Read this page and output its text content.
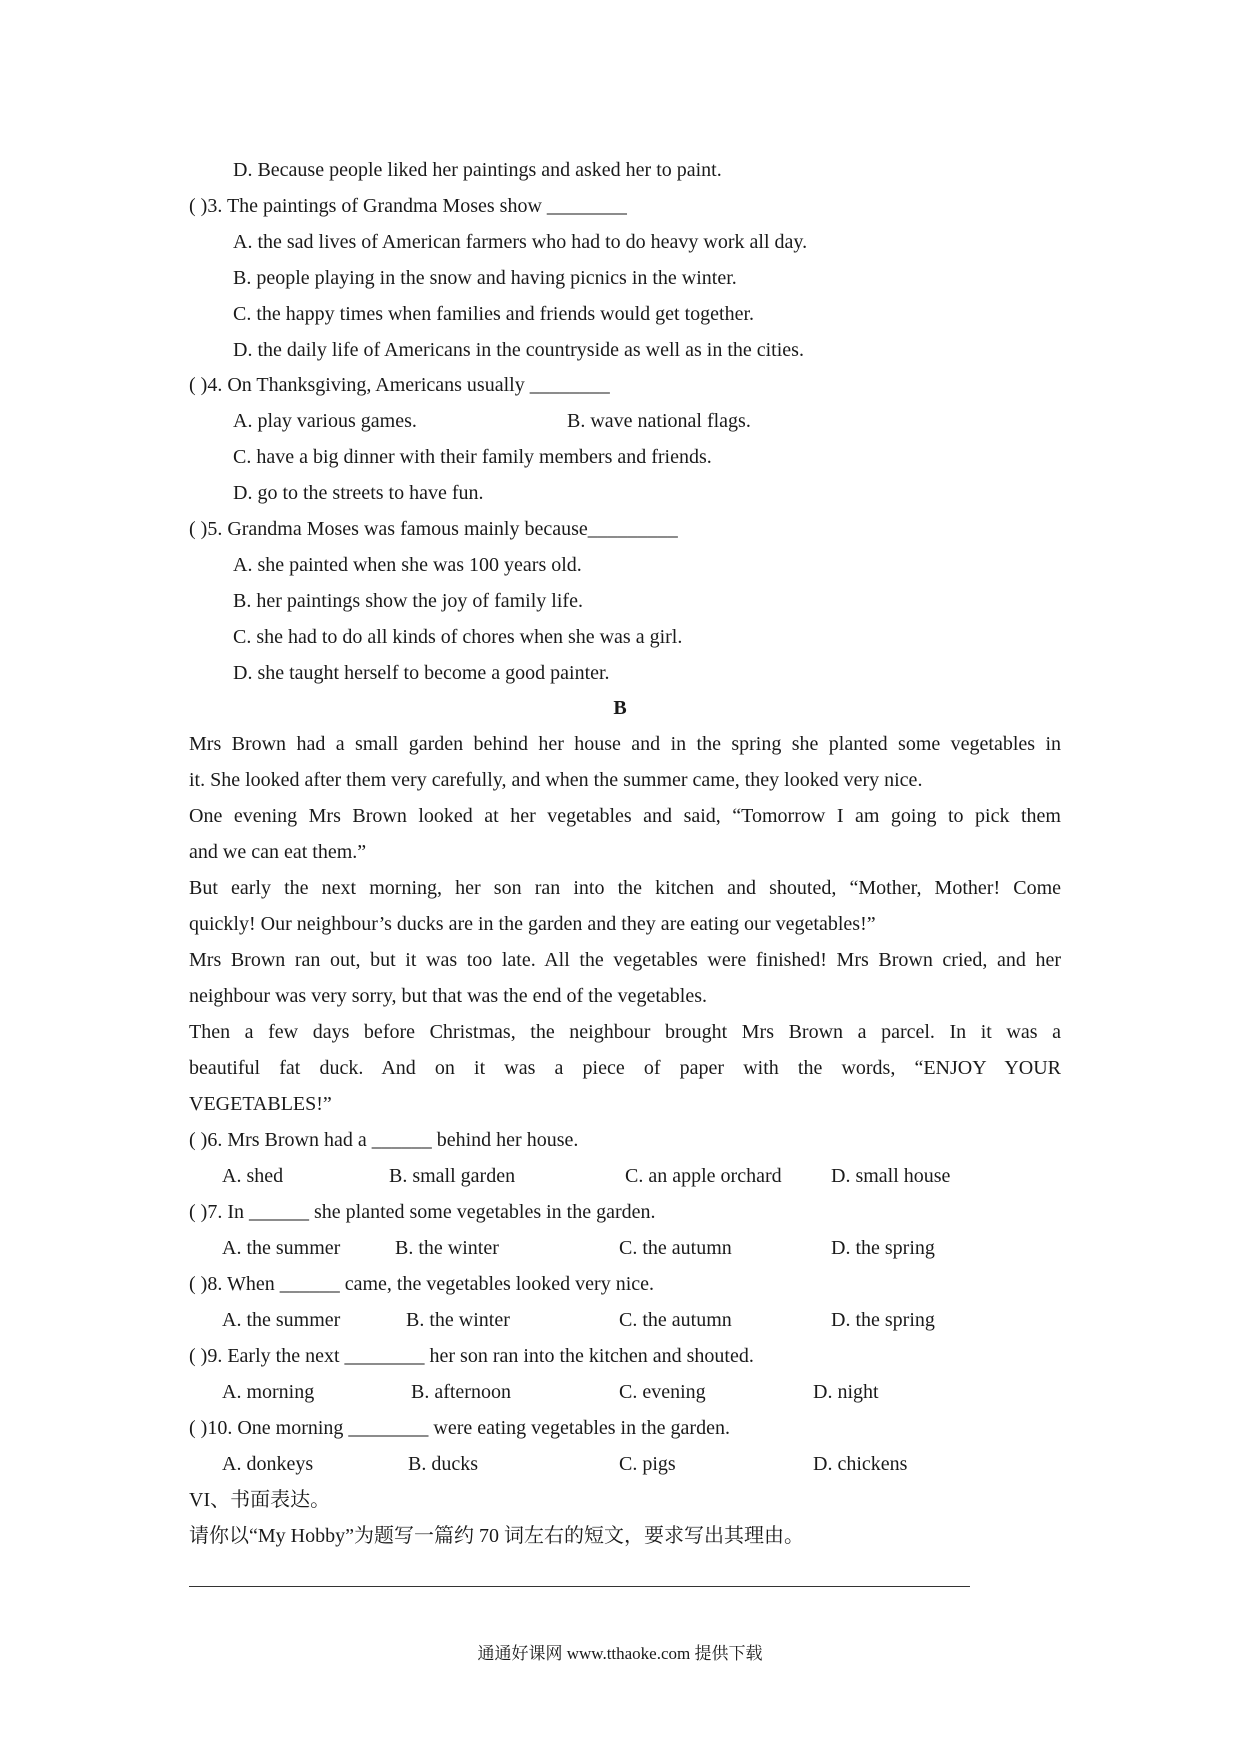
D. Because people liked her paintings and asked her to paint.
( )3. The paintings of Grandma Moses show ________
A. the sad lives of American farmers who had to do heavy work all day.
B. people playing in the snow and having picnics in the winter.
C. the happy times when families and friends would get together.
D. the daily life of Americans in the countryside as well as in the cities.
( )4. On Thanksgiving, Americans usually ________
A. play various games.	B. wave national flags.
C. have a big dinner with their family members and friends.
D. go to the streets to have fun.
( )5. Grandma Moses was famous mainly because_________
A. she painted when she was 100 years old.
B. her paintings show the joy of family life.
C. she had to do all kinds of chores when she was a girl.
D. she taught herself to become a good painter.
B
Mrs Brown had a small garden behind her house and in the spring she planted some vegetables in
it. She looked after them very carefully, and when the summer came, they looked very nice.
One evening Mrs Brown looked at her vegetables and said, “Tomorrow I am going to pick them
and we can eat them.”
But early the next morning, her son ran into the kitchen and shouted, “Mother, Mother! Come
quickly! Our neighbour’s ducks are in the garden and they are eating our vegetables!”
Mrs Brown ran out, but it was too late. All the vegetables were finished! Mrs Brown cried, and her
neighbour was very sorry, but that was the end of the vegetables.
Then a few days before Christmas, the neighbour brought Mrs Brown a parcel. In it was a
beautiful fat duck. And on it was a piece of paper with the words, “ENJOY YOUR
VEGETABLES!”
( )6. Mrs Brown had a ______ behind her house.
A. shed	B. small garden	C. an apple orchard D. small house
( )7. In ______ she planted some vegetables in the garden.
A. the summer	B. the winter	C. the autumn	D. the spring
( )8. When ______ came, the vegetables looked very nice.
A. the summer	B. the winter	C. the autumn	D. the spring
( )9. Early the next ________ her son ran into the kitchen and shouted.
A. morning	B. afternoon	C. evening	D. night
( )10. One morning ________ were eating vegetables in the garden.
A. donkeys	B. ducks	C. pigs	D. chickens
VI、书面表达。
请你以“My Hobby”为题写一篇约 70 词左右的短文，要求写出其理由。
通通好课网 www.tthaoke.com 提供下载
